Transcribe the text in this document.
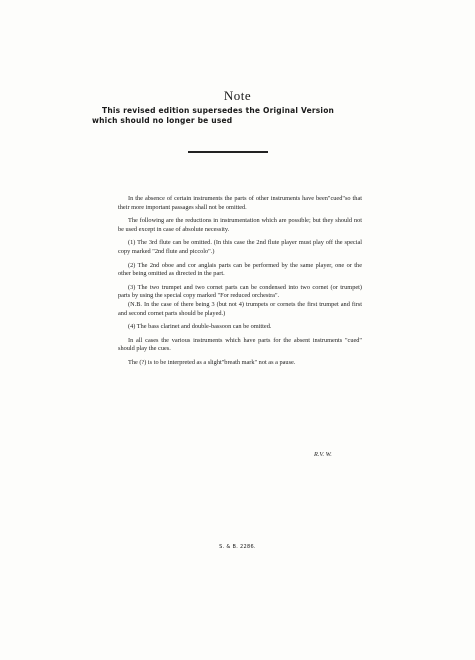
Note
This revised edition supersedes the Original Version
which should no longer be used

In the absence of certain instruments the parts of other instruments have been"cued"so that their more important passages shall not be omitted.

The following are the reductions in instrumentation which are possible; but they should not be used except in case of absolute necessity.

(1) The 3rd flute can be omitted. (In this case the 2nd flute player must play off the special copy marked "2nd flute and piccolo".)

(2) The 2nd oboe and cor anglais parts can be performed by the same player, one or the other being omitted as directed in the part.

(3) The two trumpet and two cornet parts can be condensed into two cornet (or trumpet) parts by using the special copy marked "For reduced orchestra".

(N.B. In the case of there being 3 (but not 4) trumpets or cornets the first trumpet and first and second cornet parts should be played.)

(4) The bass clarinet and double-bassoon can be omitted.

In all cases the various instruments which have parts for the absent instruments "cued" should play the cues.

The (?) is to be interpreted as a slight"breath mark" not as a pause.

R.V. W.
S. & B. 2286.
